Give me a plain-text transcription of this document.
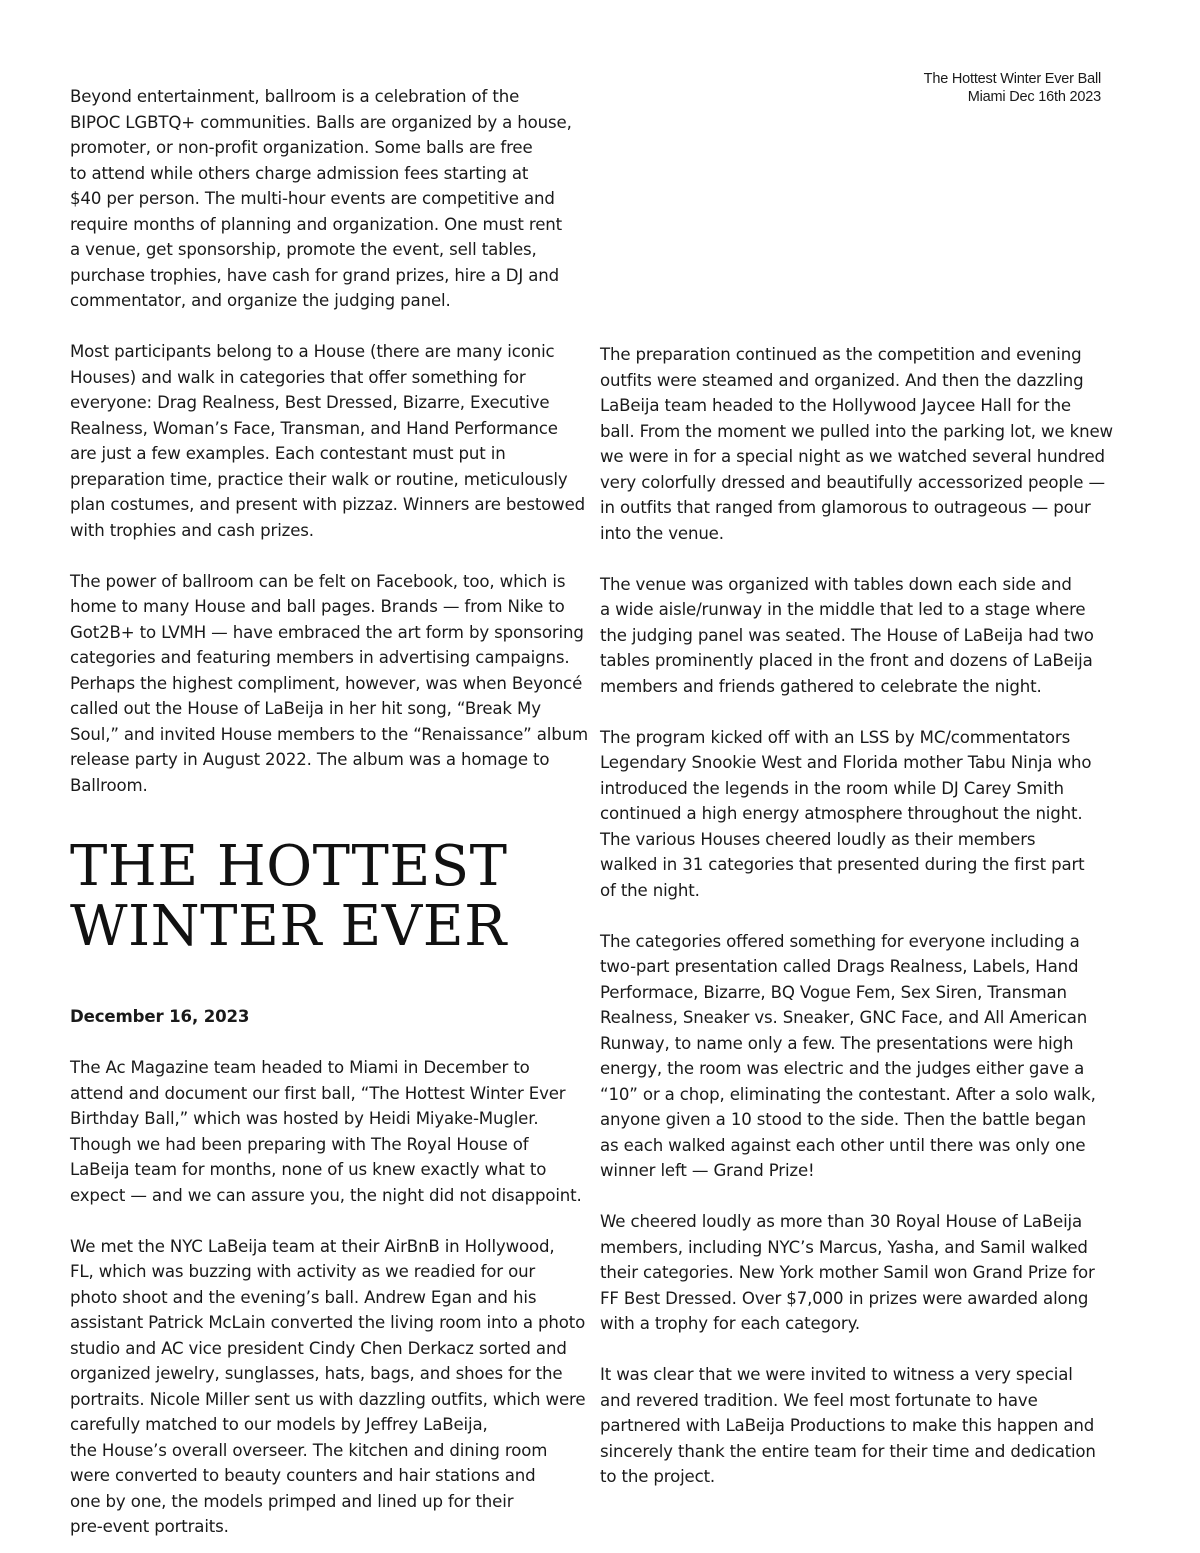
The Hottest Winter Ever Ball
Miami Dec 16th 2023

Beyond entertainment, ballroom is a celebration of the
BIPOC LGBTQ+ communities. Balls are organized by a house,
promoter, or non-profit organization. Some balls are free
to attend while others charge admission fees starting at
$40 per person. The multi-hour events are competitive and
require months of planning and organization. One must rent
a venue, get sponsorship, promote the event, sell tables,
purchase trophies, have cash for grand prizes, hire a DJ and
commentator, and organize the judging panel.

Most participants belong to a House (there are many iconic
Houses) and walk in categories that offer something for
everyone: Drag Realness, Best Dressed, Bizarre, Executive
Realness, Woman’s Face, Transman, and Hand Performance
are just a few examples. Each contestant must put in
preparation time, practice their walk or routine, meticulously
plan costumes, and present with pizzaz. Winners are bestowed
with trophies and cash prizes.

The power of ballroom can be felt on Facebook, too, which is
home to many House and ball pages. Brands — from Nike to
Got2B+ to LVMH — have embraced the art form by sponsoring
categories and featuring members in advertising campaigns.
Perhaps the highest compliment, however, was when Beyoncé
called out the House of LaBeija in her hit song, “Break My
Soul,” and invited House members to the “Renaissance” album
release party in August 2022. The album was a homage to
Ballroom.

THE HOTTEST
WINTER EVER

December 16, 2023

The Ac Magazine team headed to Miami in December to
attend and document our first ball, “The Hottest Winter Ever
Birthday Ball,” which was hosted by Heidi Miyake-Mugler.
Though we had been preparing with The Royal House of
LaBeija team for months, none of us knew exactly what to
expect — and we can assure you, the night did not disappoint.

We met the NYC LaBeija team at their AirBnB in Hollywood,
FL, which was buzzing with activity as we readied for our
photo shoot and the evening’s ball. Andrew Egan and his
assistant Patrick McLain converted the living room into a photo
studio and AC vice president Cindy Chen Derkacz sorted and
organized jewelry, sunglasses, hats, bags, and shoes for the
portraits. Nicole Miller sent us with dazzling outfits, which were
carefully matched to our models by Jeffrey LaBeija,
the House’s overall overseer. The kitchen and dining room
were converted to beauty counters and hair stations and
one by one, the models primped and lined up for their
pre-event portraits.

The preparation continued as the competition and evening
outfits were steamed and organized. And then the dazzling
LaBeija team headed to the Hollywood Jaycee Hall for the
ball. From the moment we pulled into the parking lot, we knew
we were in for a special night as we watched several hundred
very colorfully dressed and beautifully accessorized people —
in outfits that ranged from glamorous to outrageous — pour
into the venue.

The venue was organized with tables down each side and
a wide aisle/runway in the middle that led to a stage where
the judging panel was seated. The House of LaBeija had two
tables prominently placed in the front and dozens of LaBeija
members and friends gathered to celebrate the night.

The program kicked off with an LSS by MC/commentators
Legendary Snookie West and Florida mother Tabu Ninja who
introduced the legends in the room while DJ Carey Smith
continued a high energy atmosphere throughout the night.
The various Houses cheered loudly as their members
walked in 31 categories that presented during the first part
of the night.

The categories offered something for everyone including a
two-part presentation called Drags Realness, Labels, Hand
Performace, Bizarre, BQ Vogue Fem, Sex Siren, Transman
Realness, Sneaker vs. Sneaker, GNC Face, and All American
Runway, to name only a few. The presentations were high
energy, the room was electric and the judges either gave a
“10” or a chop, eliminating the contestant. After a solo walk,
anyone given a 10 stood to the side. Then the battle began
as each walked against each other until there was only one
winner left — Grand Prize!

We cheered loudly as more than 30 Royal House of LaBeija
members, including NYC’s Marcus, Yasha, and Samil walked
their categories. New York mother Samil won Grand Prize for
FF Best Dressed. Over $7,000 in prizes were awarded along
with a trophy for each category.

It was clear that we were invited to witness a very special
and revered tradition. We feel most fortunate to have
partnered with LaBeija Productions to make this happen and
sincerely thank the entire team for their time and dedication
to the project.
